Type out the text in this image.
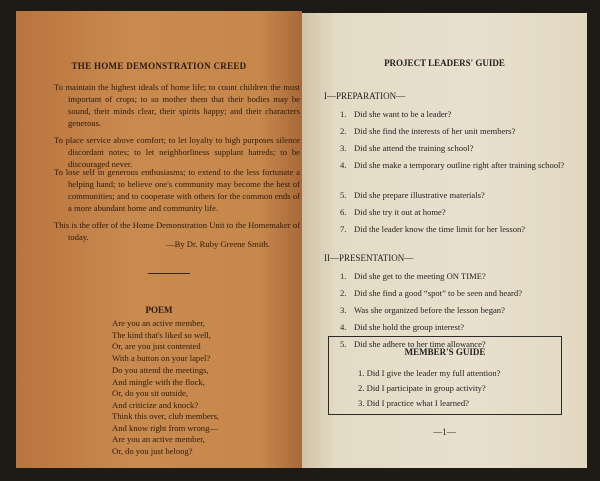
THE HOME DEMONSTRATION CREED
To maintain the highest ideals of home life; to count children the most important of crops; to so mother them that their bodies may be sound, their minds clear, their spirits happy; and their characters generous.
To place service above comfort; to let loyalty to high purposes silence discordant notes; to let neighborliness supplant hatreds; to be discouraged never.
To lose self in generous enthusiasms; to extend to the less fortunate a helping hand; to believe one's community may become the best of communities; and to cooperate with others for the common ends of a more abundant home and community life.
This is the offer of the Home Demonstration Unit to the Homemaker of today.
—By Dr. Ruby Greene Smith.
POEM
Are you an active member,
The kind that's liked so well,
Or, are you just contented
With a button on your lapel?
Do you attend the meetings,
And mingle with the flock,
Or, do you sit outside,
And criticize and knock?
Think this over, club members,
And know right from wrong—
Are you an active member,
Or, do you just belong?
PROJECT LEADERS' GUIDE
I—PREPARATION—
1. Did she want to be a leader?
2. Did she find the interests of her unit members?
3. Did she attend the training school?
4. Did she make a temporary outline right after training school?
5. Did she prepare illustrative materials?
6. Did she try it out at home?
7. Did the leader know the time limit for her lesson?
II—PRESENTATION—
1. Did she get to the meeting ON TIME?
2. Did she find a good “spot” to be seen and heard?
3. Was she organized before the lesson began?
4. Did she hold the group interest?
5. Did she adhere to her time allowance?
MEMBER'S GUIDE
1. Did I give the leader my full attention?
2. Did I participate in group activity?
3. Did I practice what I learned?
—1—
